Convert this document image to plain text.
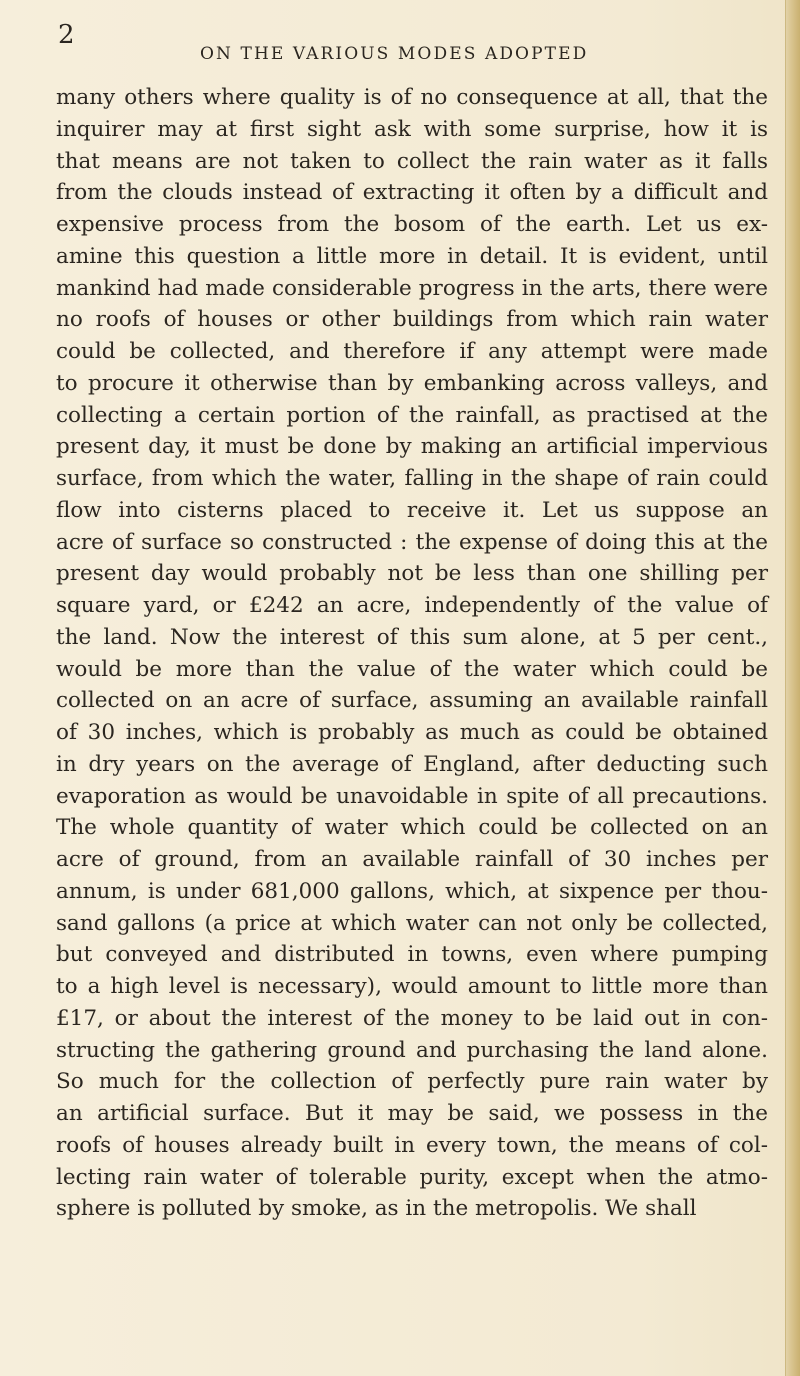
2
ON THE VARIOUS MODES ADOPTED
many others where quality is of no consequence at all, that the
inquirer may at first sight ask with some surprise, how it is
that means are not taken to collect the rain water as it falls
from the clouds instead of extracting it often by a difficult and
expensive process from the bosom of the earth. Let us ex-
amine this question a little more in detail. It is evident, until
mankind had made considerable progress in the arts, there were
no roofs of houses or other buildings from which rain water
could be collected, and therefore if any attempt were made
to procure it otherwise than by embanking across valleys, and
collecting a certain portion of the rainfall, as practised at the
present day, it must be done by making an artificial impervious
surface, from which the water, falling in the shape of rain could
flow into cisterns placed to receive it. Let us suppose an
acre of surface so constructed : the expense of doing this at the
present day would probably not be less than one shilling per
square yard, or £242 an acre, independently of the value of
the land. Now the interest of this sum alone, at 5 per cent.,
would be more than the value of the water which could be
collected on an acre of surface, assuming an available rainfall
of 30 inches, which is probably as much as could be obtained
in dry years on the average of England, after deducting such
evaporation as would be unavoidable in spite of all precautions.
The whole quantity of water which could be collected on an
acre of ground, from an available rainfall of 30 inches per
annum, is under 681,000 gallons, which, at sixpence per thou-
sand gallons (a price at which water can not only be collected,
but conveyed and distributed in towns, even where pumping
to a high level is necessary), would amount to little more than
£17, or about the interest of the money to be laid out in con-
structing the gathering ground and purchasing the land alone.
So much for the collection of perfectly pure rain water by
an artificial surface. But it may be said, we possess in the
roofs of houses already built in every town, the means of col-
lecting rain water of tolerable purity, except when the atmo-
sphere is polluted by smoke, as in the metropolis. We shall
